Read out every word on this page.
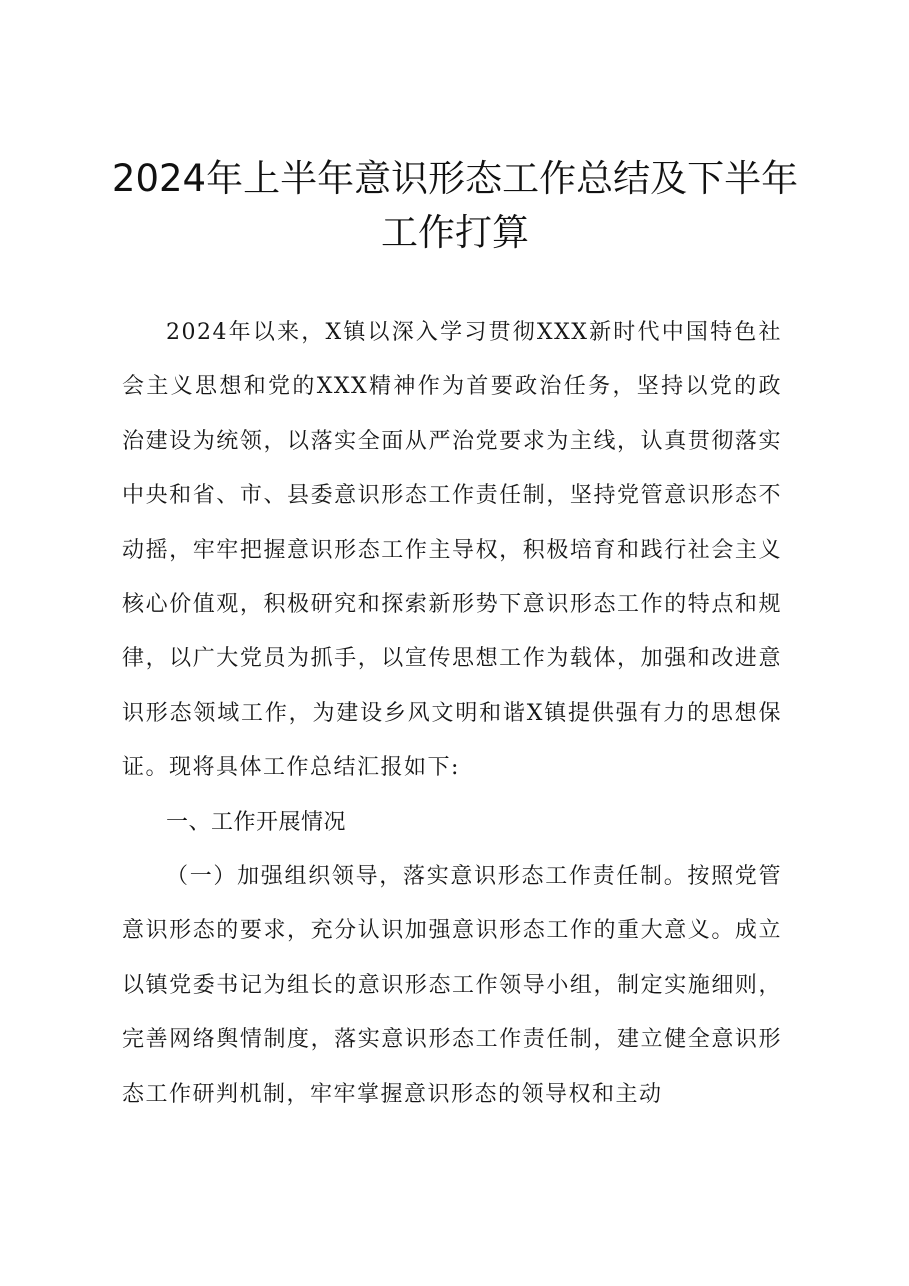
2024年上半年意识形态工作总结及下半年工作打算

2024年以来，X镇以深入学习贯彻XXX新时代中国特色社会主义思想和党的XXX精神作为首要政治任务，坚持以党的政治建设为统领，以落实全面从严治党要求为主线，认真贯彻落实中央和省、市、县委意识形态工作责任制，坚持党管意识形态不动摇，牢牢把握意识形态工作主导权，积极培育和践行社会主义核心价值观，积极研究和探索新形势下意识形态工作的特点和规律，以广大党员为抓手，以宣传思想工作为载体，加强和改进意识形态领域工作，为建设乡风文明和谐X镇提供强有力的思想保证。现将具体工作总结汇报如下:

一、工作开展情况

（一）加强组织领导，落实意识形态工作责任制。按照党管意识形态的要求，充分认识加强意识形态工作的重大意义。成立以镇党委书记为组长的意识形态工作领导小组，制定实施细则，完善网络舆情制度，落实意识形态工作责任制，建立健全意识形态工作研判机制，牢牢掌握意识形态的领导权和主动
